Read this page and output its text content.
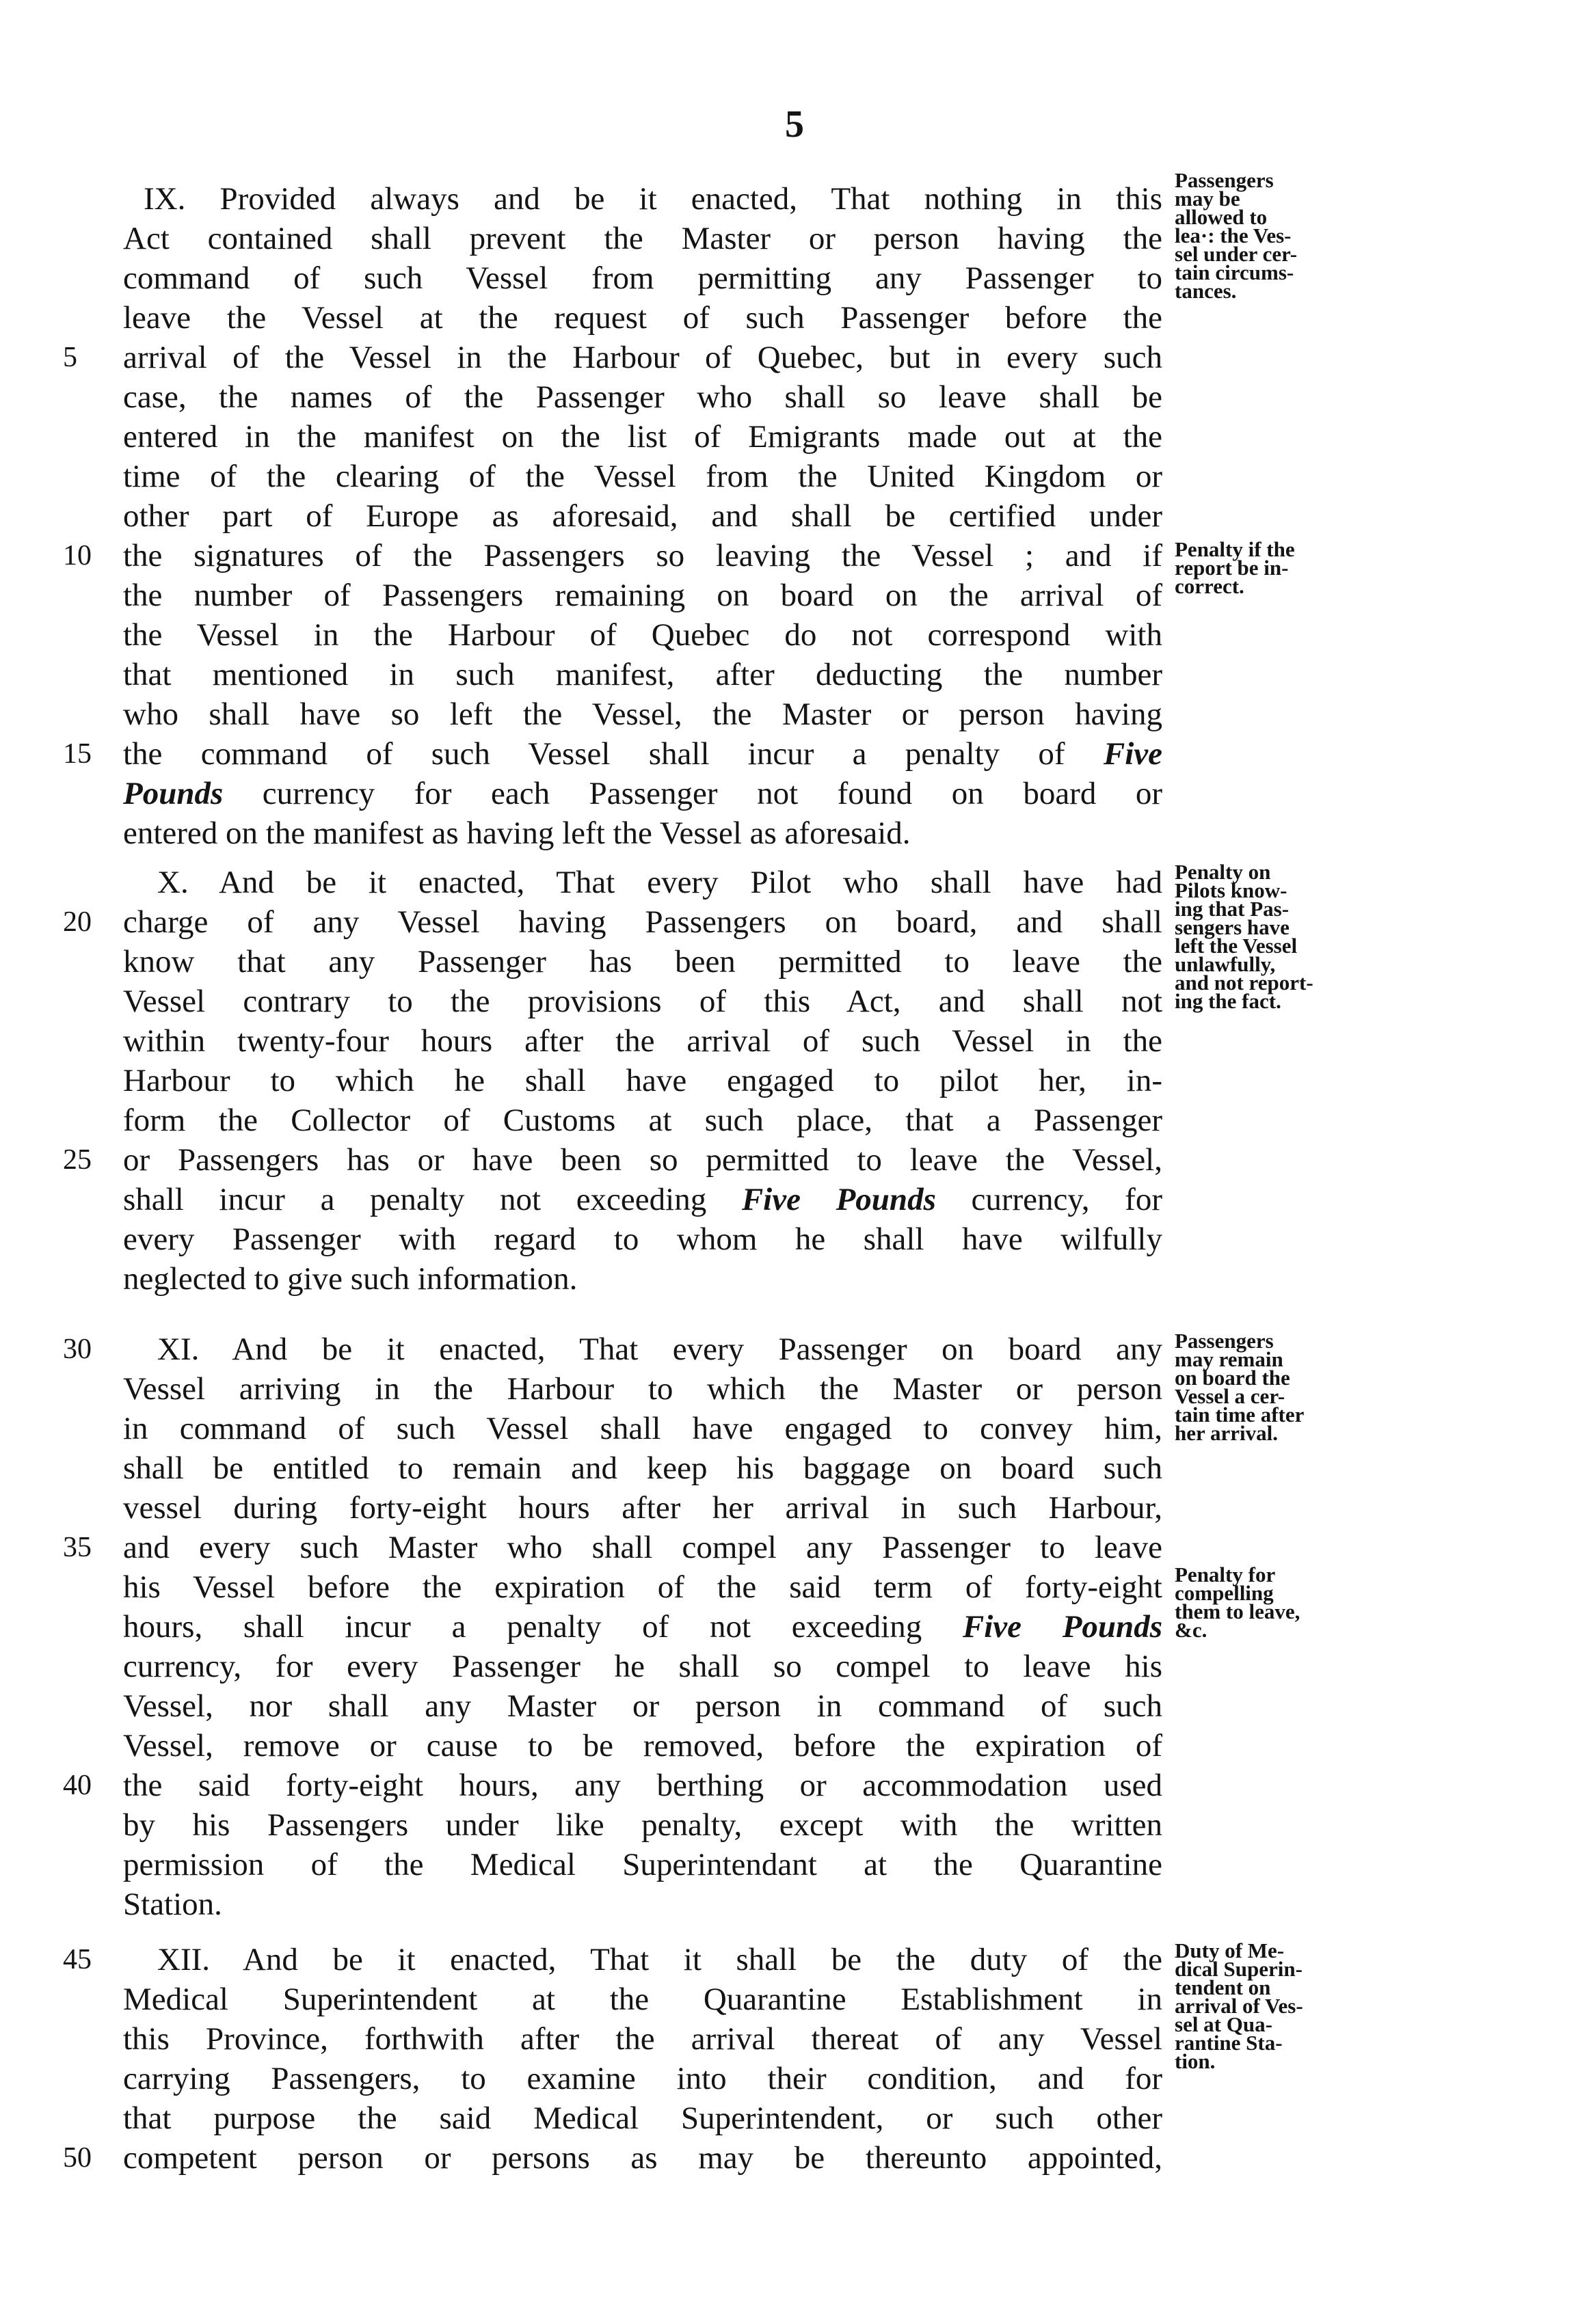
5
IX. Provided always and be it enacted, That nothing in this
Act contained shall prevent the Master or person having the
command of such Vessel from permitting any Passenger to
leave the Vessel at the request of such Passenger before the
arrival of the Vessel in the Harbour of Quebec, but in every such
5
case, the names of the Passenger who shall so leave shall be
entered in the manifest on the list of Emigrants made out at the
time of the clearing of the Vessel from the United Kingdom or
other part of Europe as aforesaid, and shall be certified under
the signatures of the Passengers so leaving the Vessel ; and if
10
the number of Passengers remaining on board on the arrival of
the Vessel in the Harbour of Quebec do not correspond with
that mentioned in such manifest, after deducting the number
who shall have so left the Vessel, the Master or person having
the command of such Vessel shall incur a penalty of Five
15
Pounds currency for each Passenger not found on board or
entered on the manifest as having left the Vessel as aforesaid.
Passengers
may be
allowed to
lea·: the Ves-
sel under cer-
tain circums-
tances.
Penalty if the
report be in-
correct.
X. And be it enacted, That every Pilot who shall have had
charge of any Vessel having Passengers on board, and shall
20
know that any Passenger has been permitted to leave the
Vessel contrary to the provisions of this Act, and shall not
within twenty-four hours after the arrival of such Vessel in the
Harbour to which he shall have engaged to pilot her, in-
form the Collector of Customs at such place, that a Passenger
or Passengers has or have been so permitted to leave the Vessel,
25
shall incur a penalty not exceeding Five Pounds currency, for
every Passenger with regard to whom he shall have wilfully
neglected to give such information.
Penalty on
Pilots know-
ing that Pas-
sengers have
left the Vessel
unlawfully,
and not report-
ing the fact.
XI. And be it enacted, That every Passenger on board any
30
Vessel arriving in the Harbour to which the Master or person
in command of such Vessel shall have engaged to convey him,
shall be entitled to remain and keep his baggage on board such
vessel during forty-eight hours after her arrival in such Harbour,
and every such Master who shall compel any Passenger to leave
35
his Vessel before the expiration of the said term of forty-eight
hours, shall incur a penalty of not exceeding Five Pounds
currency, for every Passenger he shall so compel to leave his
Vessel, nor shall any Master or person in command of such
Vessel, remove or cause to be removed, before the expiration of
the said forty-eight hours, any berthing or accommodation used
40
by his Passengers under like penalty, except with the written
permission of the Medical Superintendant at the Quarantine
Station.
Passengers
may remain
on board the
Vessel a cer-
tain time after
her arrival.
Penalty for
compelling
them to leave,
&c.
XII. And be it enacted, That it shall be the duty of the
45
Medical Superintendent at the Quarantine Establishment in
this Province, forthwith after the arrival thereat of any Vessel
carrying Passengers, to examine into their condition, and for
that purpose the said Medical Superintendent, or such other
competent person or persons as may be thereunto appointed,
50
Duty of Me-
dical Superin-
tendent on
arrival of Ves-
sel at Qua-
rantine Sta-
tion.
